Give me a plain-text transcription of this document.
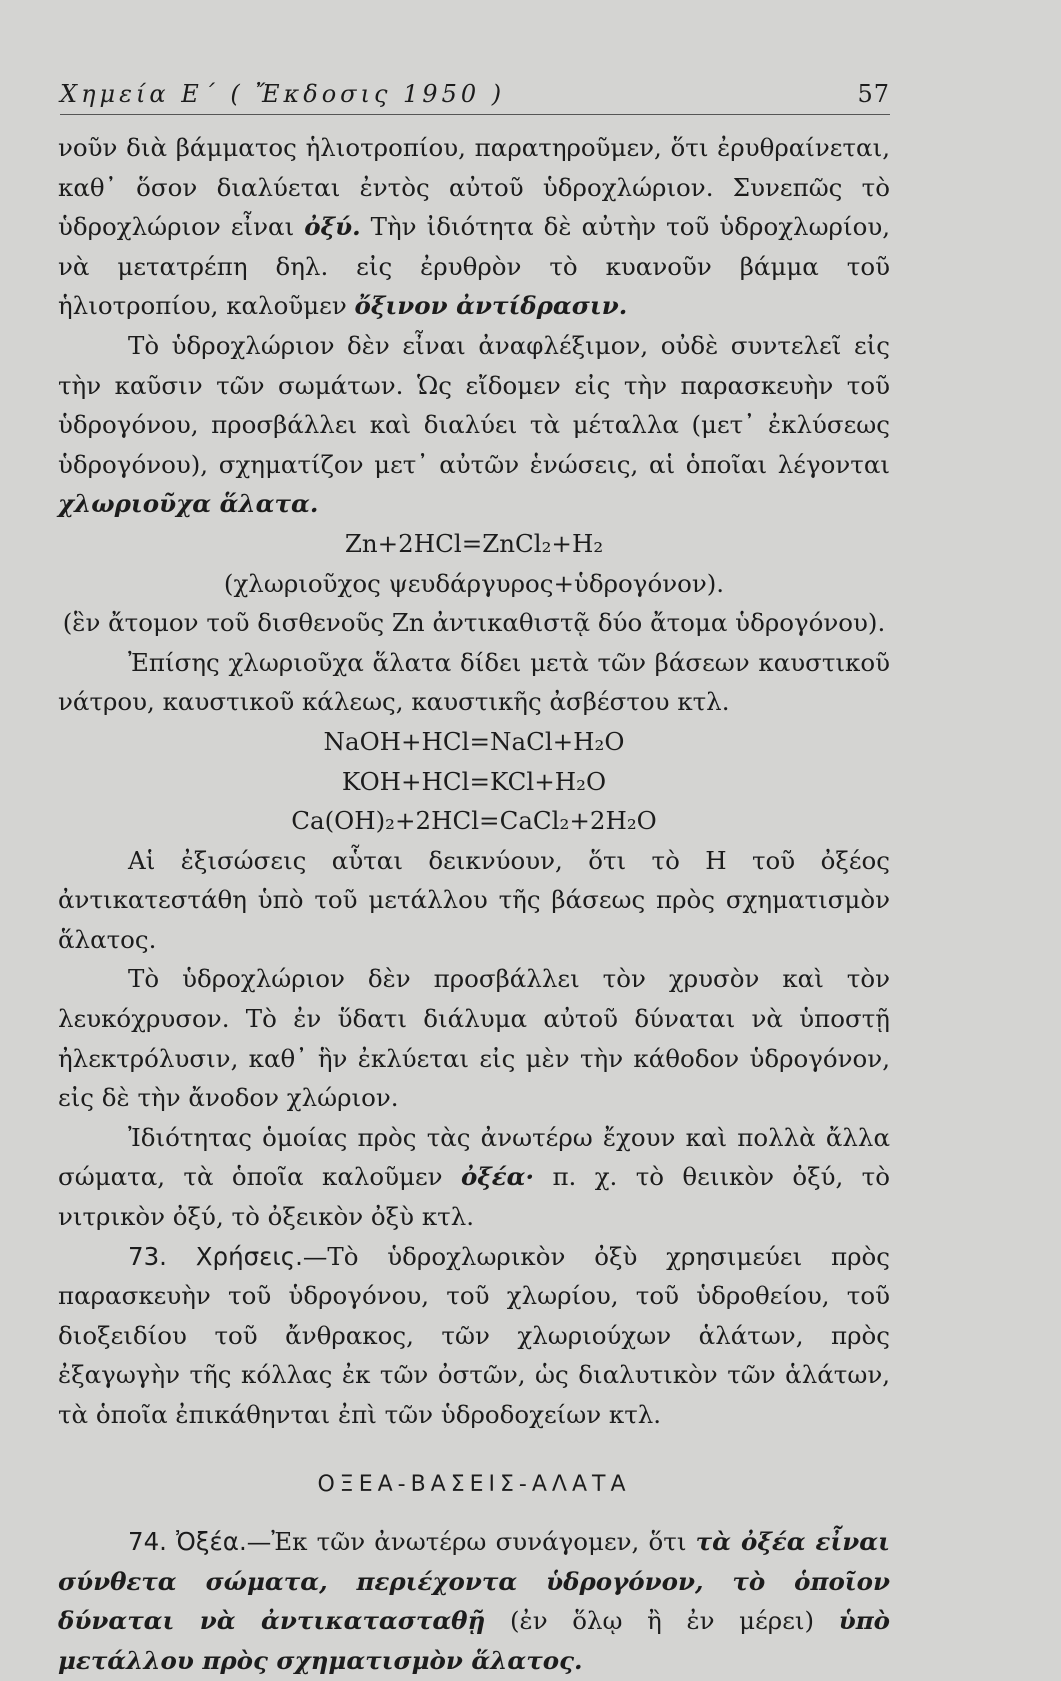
Χημεία Ε΄ ( Ἔκδοσις 1950 )	57

νοῦν διὰ βάμματος ἡλιοτροπίου, παρατηροῦμεν, ὅτι ἐρυθραίνεται, καθ᾿ ὅσον διαλύεται ἐντὸς αὐτοῦ ὑδροχλώριον. Συνεπῶς τὸ ὑδροχλώριον εἶναι ὀξύ. Τὴν ἰδιότητα δὲ αὐτὴν τοῦ ὑδροχλωρίου, νὰ μετατρέπη δηλ. εἰς ἐρυθρὸν τὸ κυανοῦν βάμμα τοῦ ἡλιοτροπίου, καλοῦμεν ὄξινον ἀντίδρασιν.

Τὸ ὑδροχλώριον δὲν εἶναι ἀναφλέξιμον, οὐδὲ συντελεῖ εἰς τὴν καῦσιν τῶν σωμάτων. Ὡς εἴδομεν εἰς τὴν παρασκευὴν τοῦ ὑδρογόνου, προσβάλλει καὶ διαλύει τὰ μέταλλα (μετ᾿ ἐκλύσεως ὑδρογόνου), σχηματίζον μετ᾿ αὐτῶν ἑνώσεις, αἱ ὁποῖαι λέγονται χλωριοῦχα ἅλατα.

Zn+2HCl=ZnCl₂+H₂

(χλωριοῦχος ψευδάργυρος+ὑδρογόνον).

(ἓν ἄτομον τοῦ δισθενοῦς Zn ἀντικαθιστᾷ δύο ἄτομα ὑδρογόνου).

Ἐπίσης χλωριοῦχα ἅλατα δίδει μετὰ τῶν βάσεων καυστικοῦ νάτρου, καυστικοῦ κάλεως, καυστικῆς ἀσβέστου κτλ.

NaOH+HCl=NaCl+H₂O

KOH+HCl=KCl+H₂O

Ca(OH)₂+2HCl=CaCl₂+2H₂O

Αἱ ἐξισώσεις αὗται δεικνύουν, ὅτι τὸ H τοῦ ὀξέος ἀντικατεστάθη ὑπὸ τοῦ μετάλλου τῆς βάσεως πρὸς σχηματισμὸν ἅλατος.

Τὸ ὑδροχλώριον δὲν προσβάλλει τὸν χρυσὸν καὶ τὸν λευκόχρυσον. Τὸ ἐν ὕδατι διάλυμα αὐτοῦ δύναται νὰ ὑποστῇ ἠλεκτρόλυσιν, καθ᾿ ἣν ἐκλύεται εἰς μὲν τὴν κάθοδον ὑδρογόνον, εἰς δὲ τὴν ἄνοδον χλώριον.

Ἰδιότητας ὁμοίας πρὸς τὰς ἀνωτέρω ἔχουν καὶ πολλὰ ἄλλα σώματα, τὰ ὁποῖα καλοῦμεν ὀξέα· π. χ. τὸ θειικὸν ὀξύ, τὸ νιτρικὸν ὀξύ, τὸ ὀξεικὸν ὀξὺ κτλ.

73. Χρήσεις.—Τὸ ὑδροχλωρικὸν ὀξὺ χρησιμεύει πρὸς παρασκευὴν τοῦ ὑδρογόνου, τοῦ χλωρίου, τοῦ ὑδροθείου, τοῦ διοξειδίου τοῦ ἄνθρακος, τῶν χλωριούχων ἁλάτων, πρὸς ἐξαγωγὴν τῆς κόλλας ἐκ τῶν ὀστῶν, ὡς διαλυτικὸν τῶν ἁλάτων, τὰ ὁποῖα ἐπικάθηνται ἐπὶ τῶν ὑδροδοχείων κτλ.

ΟΞΕΑ-ΒΑΣΕΙΣ-ΑΛΑΤΑ

74. Ὀξέα.—Ἐκ τῶν ἀνωτέρω συνάγομεν, ὅτι τὰ ὀξέα εἶναι σύνθετα σώματα, περιέχοντα ὑδρογόνον, τὸ ὁποῖον δύναται νὰ ἀντικατασταθῇ (ἐν ὅλῳ ἢ ἐν μέρει) ὑπὸ μετάλλου πρὸς σχηματισμὸν ἅλατος.
